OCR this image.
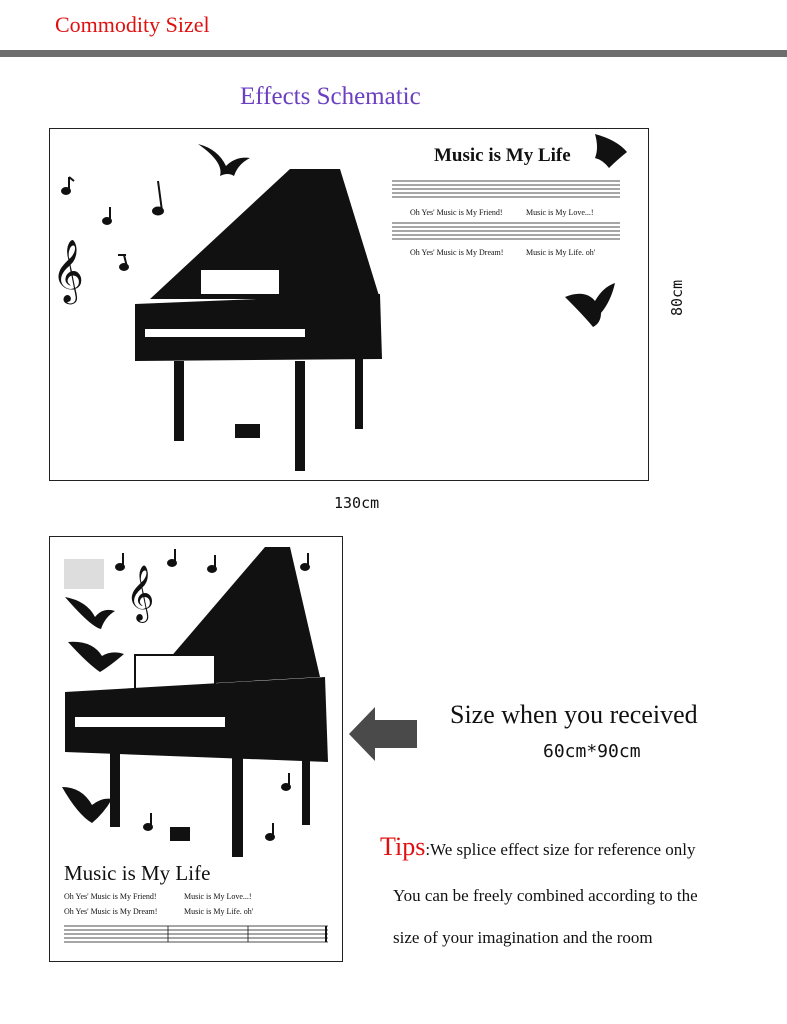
Commodity Sizel
Effects Schematic
𝄞
Music is My Life
Oh Yes' Music is My Friend!	Music is My Love...!
Oh Yes' Music is My Dream!	Music is My Life. oh'
130cm
80cm
𝄞
Music is My Life
Oh Yes' Music is My Friend!	Music is My Love...!
Oh Yes' Music is My Dream!	Music is My Life. oh'
Size when you received
60cm*90cm
Tips:We splice effect size for reference only
You can be freely combined according to the
size of your imagination and the room
